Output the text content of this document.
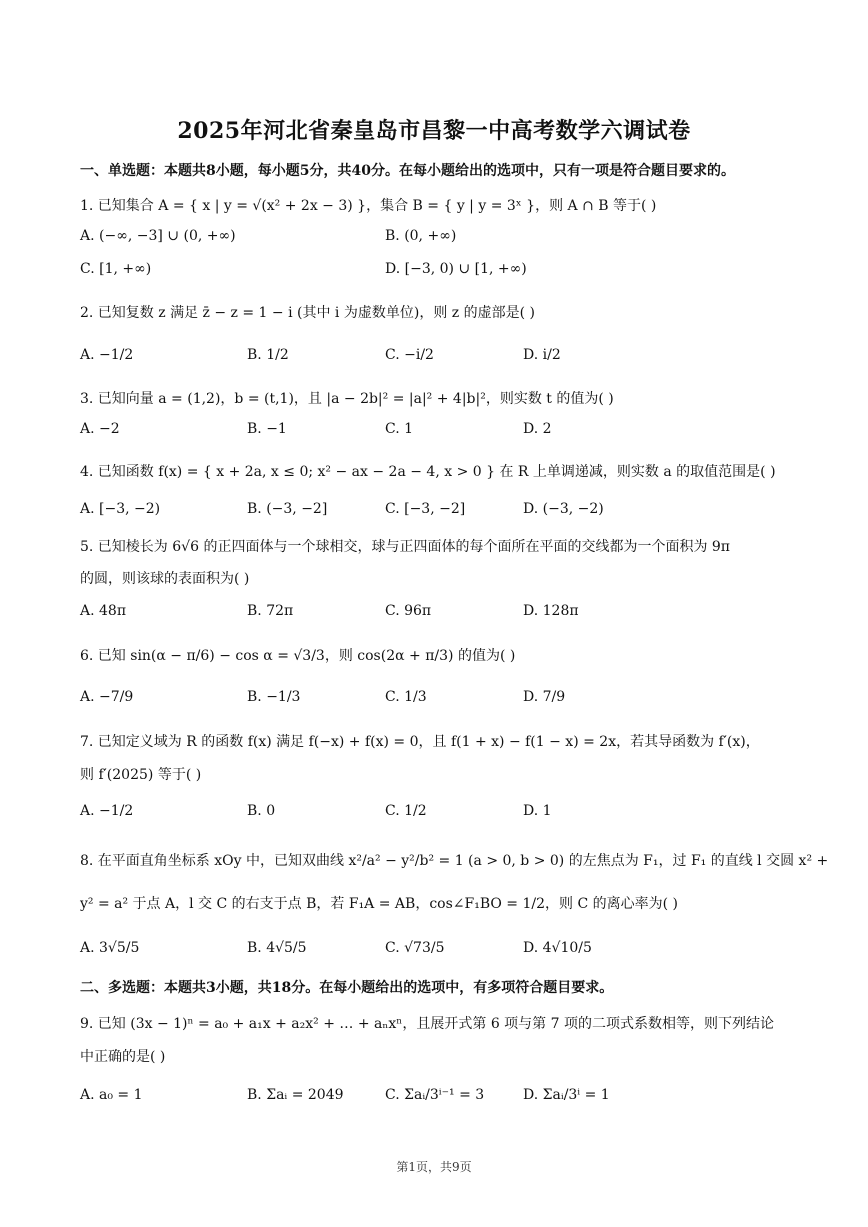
2025年河北省秦皇岛市昌黎一中高考数学六调试卷
一、单选题：本题共8小题，每小题5分，共40分。在每小题给出的选项中，只有一项是符合题目要求的。
1. 已知集合 A = { x | y = √(x² + 2x − 3) }，集合 B = { y | y = 3ˣ }，则 A ∩ B 等于( )
A. (−∞, −3] ∪ (0, +∞)	B. (0, +∞)
C. [1, +∞)	D. [−3, 0) ∪ [1, +∞)
2. 已知复数 z 满足 z̄ − z = 1 − i (其中 i 为虚数单位)，则 z 的虚部是( )
A. −1/2	B. 1/2	C. −i/2	D. i/2
3. 已知向量 a = (1,2)，b = (t,1)，且 |a − 2b|² = |a|² + 4|b|²，则实数 t 的值为( )
A. −2	B. −1	C. 1	D. 2
4. 已知函数 f(x) = { x + 2a, x ≤ 0; x² − ax − 2a − 4, x > 0 } 在 R 上单调递减，则实数 a 的取值范围是( )
A. [−3, −2)	B. (−3, −2]	C. [−3, −2]	D. (−3, −2)
5. 已知棱长为 6√6 的正四面体与一个球相交，球与正四面体的每个面所在平面的交线都为一个面积为 9π
的圆，则该球的表面积为( )
A. 48π	B. 72π	C. 96π	D. 128π
6. 已知 sin(α − π/6) − cos α = √3/3，则 cos(2α + π/3) 的值为( )
A. −7/9	B. −1/3	C. 1/3	D. 7/9
7. 已知定义域为 R 的函数 f(x) 满足 f(−x) + f(x) = 0，且 f(1 + x) − f(1 − x) = 2x，若其导函数为 f′(x)，
则 f′(2025) 等于( )
A. −1/2	B. 0	C. 1/2	D. 1
8. 在平面直角坐标系 xOy 中，已知双曲线 x²/a² − y²/b² = 1 (a > 0, b > 0) 的左焦点为 F₁，过 F₁ 的直线 l 交圆 x² +
y² = a² 于点 A，l 交 C 的右支于点 B，若 F₁A = AB，cos∠F₁BO = 1/2，则 C 的离心率为( )
A. 3√5/5	B. 4√5/5	C. √73/5	D. 4√10/5
二、多选题：本题共3小题，共18分。在每小题给出的选项中，有多项符合题目要求。
9. 已知 (3x − 1)ⁿ = a₀ + a₁x + a₂x² + … + aₙxⁿ，且展开式第 6 项与第 7 项的二项式系数相等，则下列结论
中正确的是( )
A. a₀ = 1	B. Σaᵢ = 2049	C. Σaᵢ/3ⁱ⁻¹ = 3	D. Σaᵢ/3ⁱ = 1
第1页，共9页
